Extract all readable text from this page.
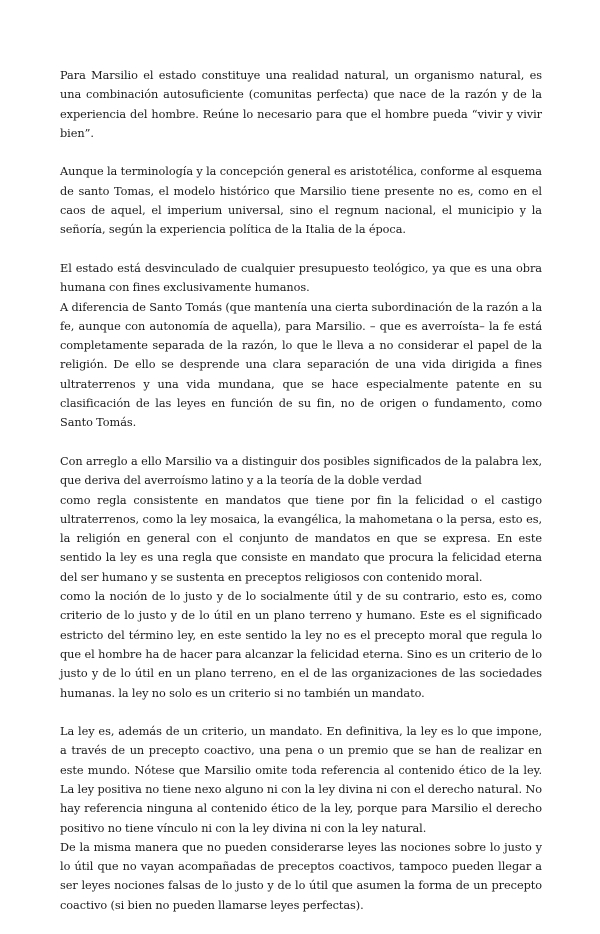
Para Marsilio el estado constituye una realidad natural, un organismo natural, es una combinación autosuficiente (comunitas perfecta) que nace de la razón y de la experiencia del hombre. Reúne lo necesario para que el hombre pueda “vivir y vivir bien”.

Aunque la terminología y la concepción general es aristotélica, conforme al esquema de santo Tomas, el modelo histórico que Marsilio tiene presente no es, como en el caos de aquel, el imperium universal, sino el regnum nacional, el municipio y la señoría, según la experiencia política de la Italia de la época.

El estado está desvinculado de cualquier presupuesto teológico, ya que es una obra humana con fines exclusivamente humanos.

A diferencia de Santo Tomás (que mantenía una cierta subordinación de la razón a la fe, aunque con autonomía de aquella), para Marsilio. – que es averroísta– la fe está completamente separada de la razón, lo que le lleva a no considerar el papel de la religión. De ello se desprende una clara separación de una vida dirigida a fines ultraterrenos y una vida mundana, que se hace especialmente patente en su clasificación de las leyes en función de su fin, no de origen o fundamento, como Santo Tomás.

Con arreglo a ello Marsilio va a distinguir dos posibles significados de la palabra lex, que deriva del averroísmo latino y a la teoría de la doble verdad

como regla consistente en mandatos que tiene por fin la felicidad o el castigo ultraterrenos, como la ley mosaica, la evangélica, la mahometana o la persa, esto es, la religión en general con el conjunto de mandatos en que se expresa. En este sentido la ley es una regla que consiste en mandato que procura la felicidad eterna del ser humano y se sustenta en preceptos religiosos con contenido moral.

como la noción de lo justo y de lo socialmente útil y de su contrario, esto es, como criterio de lo justo y de lo útil en un plano terreno y humano. Este es el significado estricto del término ley, en este sentido la ley no es el precepto moral que regula lo que el hombre ha de hacer para alcanzar la felicidad eterna. Sino es un criterio de lo justo y de lo útil en un plano terreno, en el de las organizaciones de las sociedades humanas. la ley no solo es un criterio si no también un mandato.

La ley es, además de un criterio, un mandato. En definitiva, la ley es lo que impone, a través de un precepto coactivo, una pena o un premio que se han de realizar en este mundo. Nótese que Marsilio omite toda referencia al contenido ético de la ley. La ley positiva no tiene nexo alguno ni con la ley divina ni con el derecho natural. No hay referencia ninguna al contenido ético de la ley, porque para Marsilio el derecho positivo no tiene vínculo ni con la ley divina ni con la ley natural.

De la misma manera que no pueden considerarse leyes las nociones sobre lo justo y lo útil que no vayan acompañadas de preceptos coactivos, tampoco pueden llegar a ser leyes nociones falsas de lo justo y de lo útil que asumen la forma de un precepto coactivo (si bien no pueden llamarse leyes perfectas).
